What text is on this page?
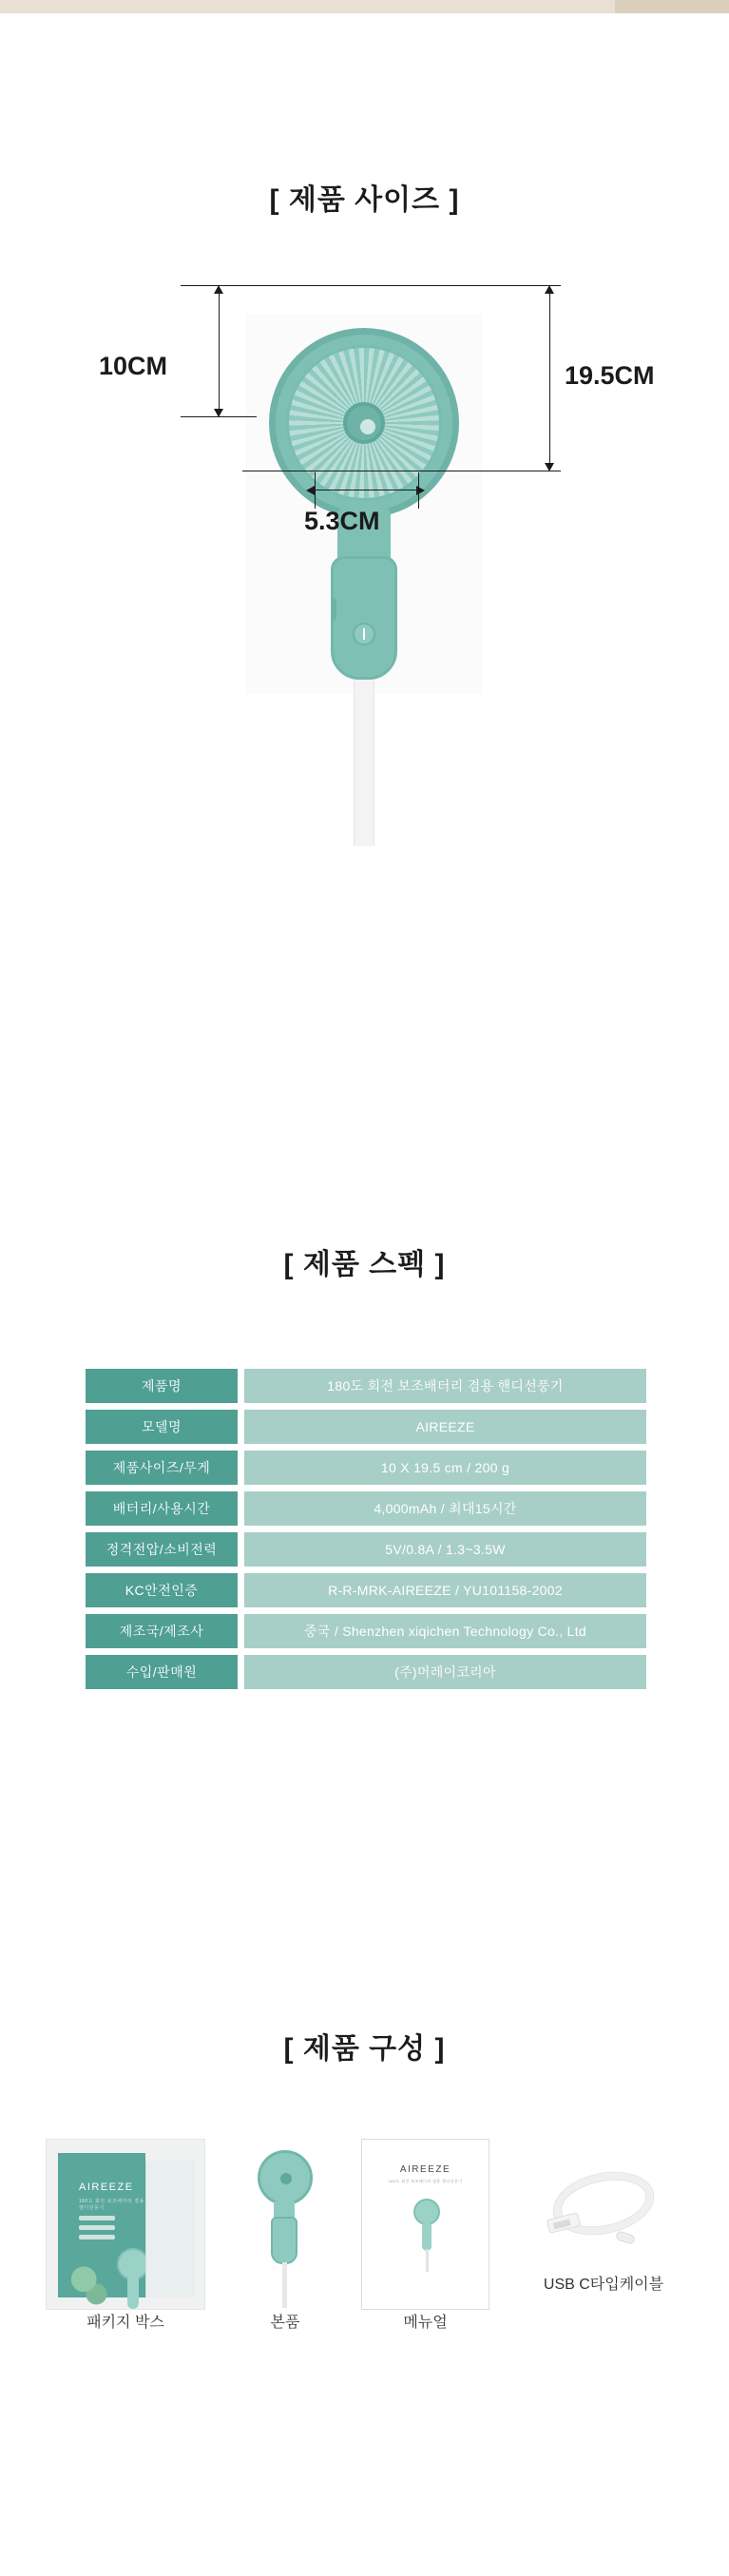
[ 제품 사이즈 ]
19.5CM
10CM
5.3CM
[ 제품 스펙 ]
제품명	180도 회전 보조배터리 겸용 핸디선풍기
모델명	AIREEZE
제품사이즈/무게	10 X 19.5 cm / 200 g
배터리/사용시간	4,000mAh / 최대15시간
정격전압/소비전력	5V/0.8A / 1.3~3.5W
KC안전인증	R-R-MRK-AIREEZE / YU101158-2002
제조국/제조사	중국 / Shenzhen xiqichen Technology Co., Ltd
수입/판매원	(주)머레이코리아
[ 제품 구성 ]
AIREEZE
180도 회전 보조배터리 겸용 핸디선풍기
패키지 박스	본품
AIREEZE
180도 회전 보조배터리 겸용 핸디선풍기
메뉴얼
USB C타입케이블
